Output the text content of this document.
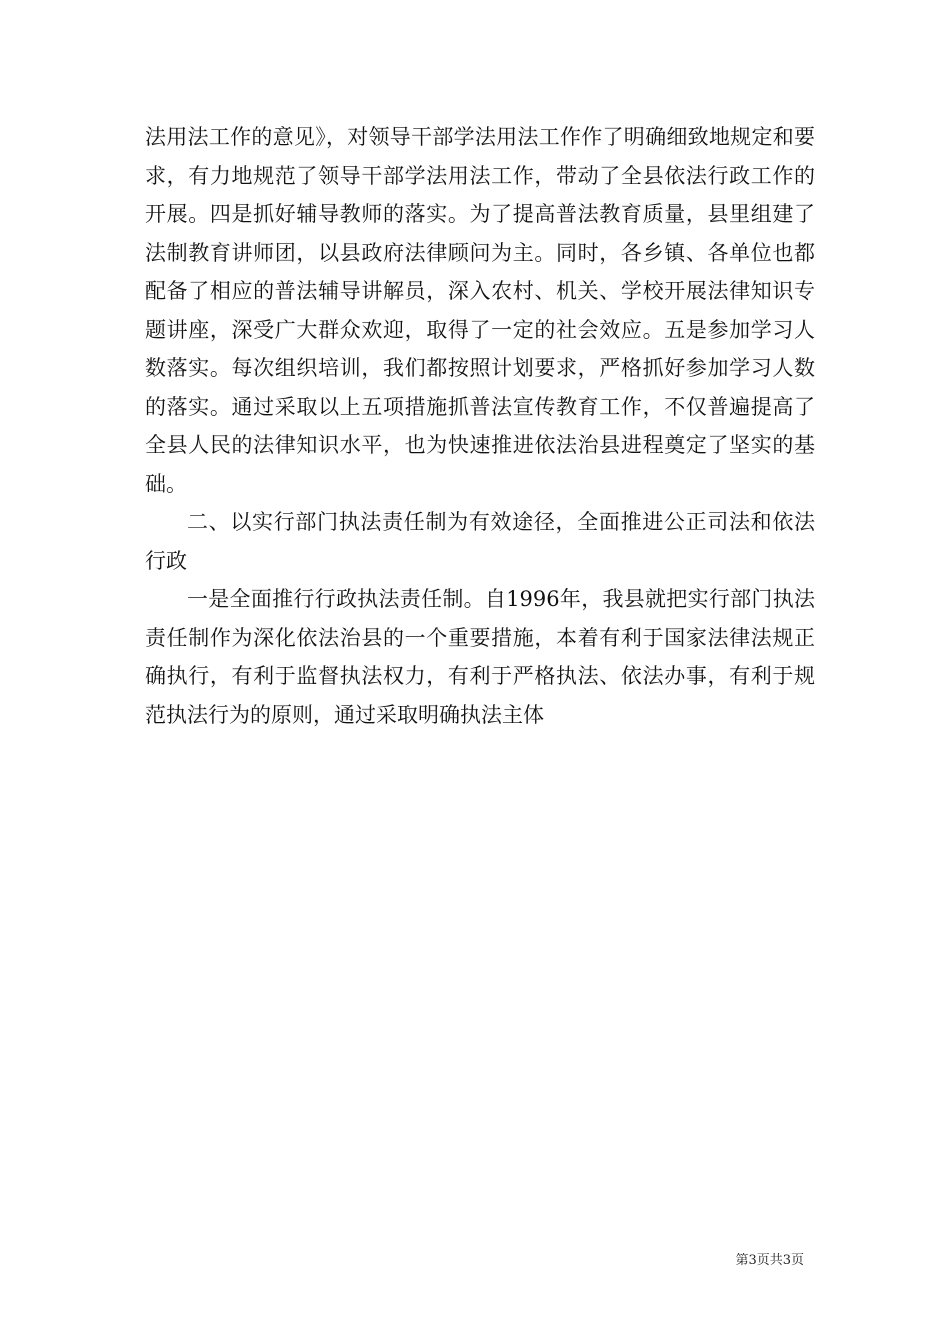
法用法工作的意见》，对领导干部学法用法工作作了明确细致地规定和要求，有力地规范了领导干部学法用法工作，带动了全县依法行政工作的开展。四是抓好辅导教师的落实。为了提高普法教育质量，县里组建了法制教育讲师团，以县政府法律顾问为主。同时，各乡镇、各单位也都配备了相应的普法辅导讲解员，深入农村、机关、学校开展法律知识专题讲座，深受广大群众欢迎，取得了一定的社会效应。五是参加学习人数落实。每次组织培训，我们都按照计划要求，严格抓好参加学习人数的落实。通过采取以上五项措施抓普法宣传教育工作，不仅普遍提高了全县人民的法律知识水平，也为快速推进依法治县进程奠定了坚实的基础。

二、以实行部门执法责任制为有效途径，全面推进公正司法和依法行政

一是全面推行行政执法责任制。自1996年，我县就把实行部门执法责任制作为深化依法治县的一个重要措施，本着有利于国家法律法规正确执行，有利于监督执法权力，有利于严格执法、依法办事，有利于规范执法行为的原则，通过采取明确执法主体

第3页共3页
